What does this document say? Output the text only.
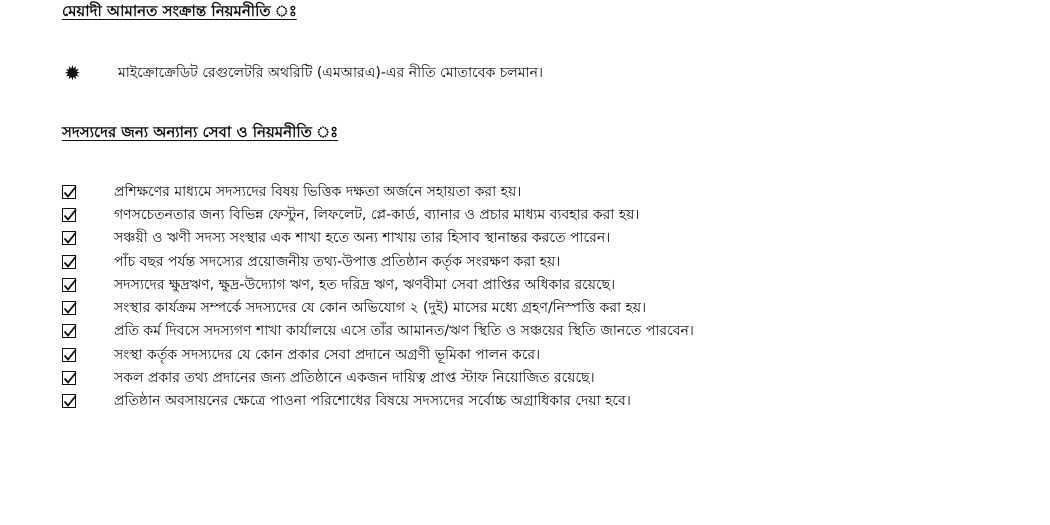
মেয়াদী আমানত সংক্রান্ত নিয়মনীতি ঃ
✹	মাইক্রোক্রেডিট রেগুলেটরি অথরিটি (এমআরএ)-এর নীতি মোতাবেক চলমান।
সদস্যদের জন্য অন্যান্য সেবা ও নিয়মনীতি ঃ
প্রশিক্ষণের মাধ্যমে সদস্যদের বিষয় ভিত্তিক দক্ষতা অর্জনে সহায়তা করা হয়।
গণসচেতনতার জন্য বিভিন্ন ফেস্টুন, লিফলেট, প্লে-কার্ড, ব্যানার ও প্রচার মাধ্যম ব্যবহার করা হয়।
সঞ্চয়ী ও ঋণী সদস্য সংস্থার এক শাখা হতে অন্য শাখায় তার হিসাব স্থানান্তর করতে পারেন।
পাঁচ বছর পর্যন্ত সদস্যের প্রয়োজনীয় তথ্য-উপাত্ত প্রতিষ্ঠান কর্তৃক সংরক্ষণ করা হয়।
সদস্যদের ক্ষুদ্রঋণ, ক্ষুদ্র-উদ্যোগ ঋণ, হত দরিদ্র ঋণ, ঋণবীমা সেবা প্রাপ্তির অধিকার রয়েছে।
সংস্থার কার্যক্রম সম্পর্কে সদস্যদের যে কোন অভিযোগ ২ (দুই) মাসের মধ্যে গ্রহণ/নিস্পত্তি করা হয়।
প্রতি কর্ম দিবসে সদস্যগণ শাখা কার্যালয়ে এসে তাঁর আমানত/ঋণ স্থিতি ও সঞ্চয়ের স্থিতি জানতে পারবেন।
সংস্থা কর্তৃক সদস্যদের যে কোন প্রকার সেবা প্রদানে অগ্রণী ভূমিকা পালন করে।
সকল প্রকার তথ্য প্রদানের জন্য প্রতিষ্ঠানে একজন দায়িত্ব প্রাপ্ত স্টাফ নিয়োজিত রয়েছে।
প্রতিষ্ঠান অবসায়নের ক্ষেত্রে পাওনা পরিশোধের বিষয়ে সদস্যদের সর্বোচ্চ অগ্রাধিকার দেয়া হবে।
